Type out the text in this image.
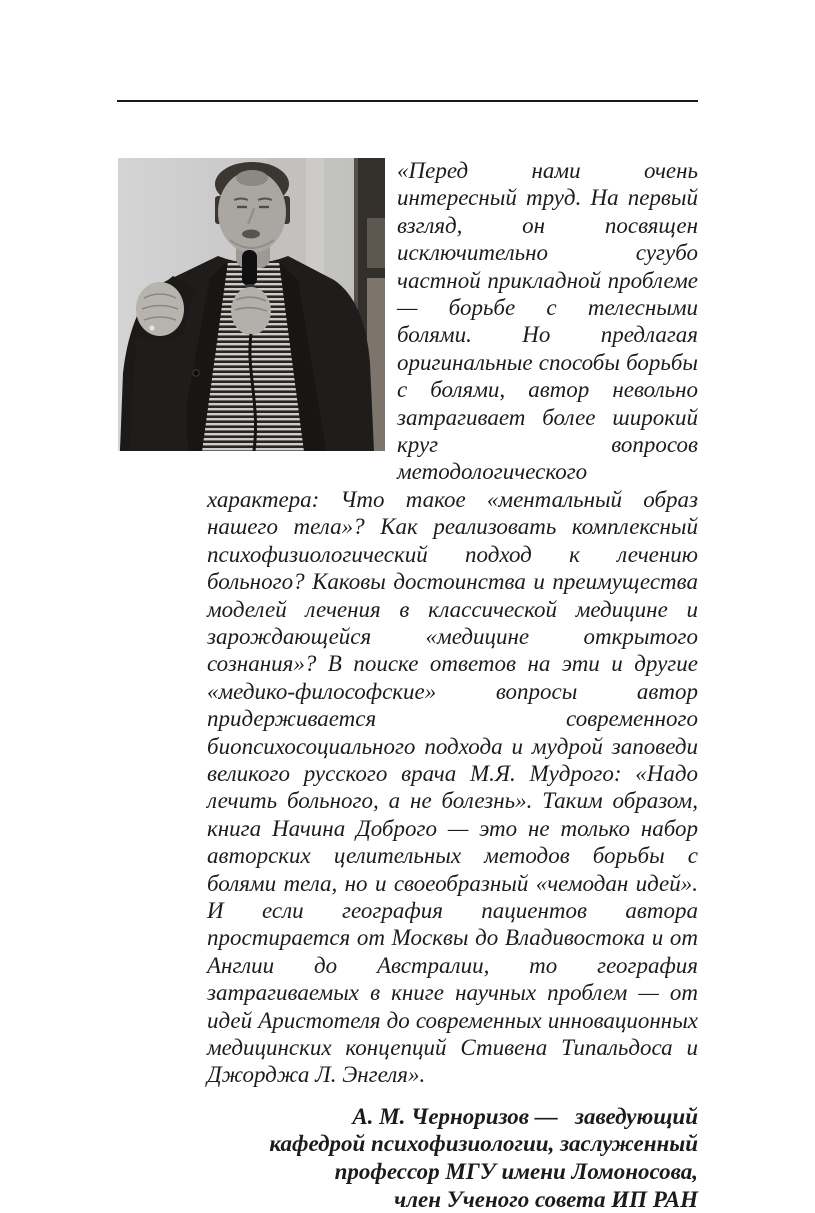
«Перед нами очень интересный труд. На первый взгляд, он посвящен исключительно сугубо частной прикладной проблеме — борьбе с телесными болями. Но предлагая оригинальные способы борьбы с болями, автор невольно затрагивает более широкий круг вопросов методологического характера: Что такое «ментальный образ нашего тела»? Как реализовать комплексный психофизиологический подход к лечению больного? Каковы достоинства и преимущества моделей лечения в классической медицине и зарождающейся «медицине открытого сознания»? В поиске ответов на эти и другие «медико-философские» вопросы автор придерживается современного биопсихосоциального подхода и мудрой заповеди великого русского врача М.Я. Мудрого: «Надо лечить больного, а не болезнь». Таким образом, книга Начина Доброго — это не только набор авторских целительных методов борьбы с болями тела, но и своеобразный «чемодан идей». И если география пациентов автора простирается от Москвы до Владивостока и от Англии до Австралии, то география затрагиваемых в книге научных проблем — от идей Аристотеля до современных инновационных медицинских концепций Стивена Типальдоса и Джорджа Л. Энгеля».

А. М. Черноризов —  заведующий
кафедрой психофизиологии, заслуженный
профессор МГУ имени Ломоносова,
член Ученого совета ИП РАН
